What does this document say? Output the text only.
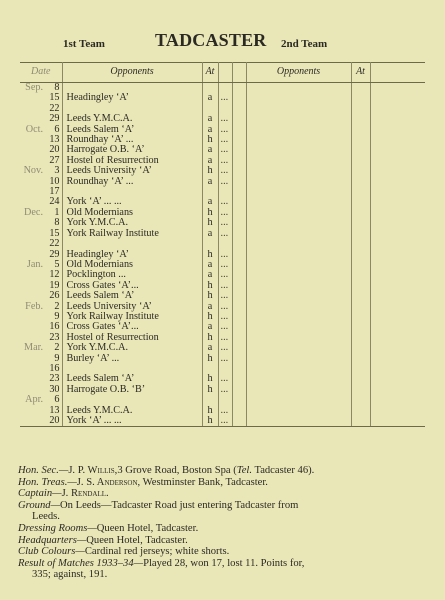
1st Team	TADCASTER 2nd Team
Date		Opponents	At			Opponents	At	
Sep.	8							
	15	Headingley ‘A’	a	...				
	22							
	29	Leeds Y.M.C.A.	a	...				
Oct.	6	Leeds Salem ‘A’	a	...				
	13	Roundhay ‘A’ ...	h	...				
	20	Harrogate O.B. ‘A’	a	...				
	27	Hostel of Resurrection	a	...				
Nov.	3	Leeds University ‘A’	h	...				
	10	Roundhay ‘A’ ...	a	...				
	17							
	24	York ‘A’ ... ...	a	...				
Dec.	1	Old Modernians	h	...				
	8	York Y.M.C.A.	h	...				
	15	York Railway Institute	a	...				
	22							
	29	Headingley ‘A’	h	...				
Jan.	5	Old Modernians	a	...				
	12	Pocklington ...	a	...				
	19	Cross Gates ‘A’...	h	...				
	26	Leeds Salem ‘A’	h	...				
Feb.	2	Leeds University ‘A’	a	...				
	9	York Railway Institute	h	...				
	16	Cross Gates ‘A’...	a	...				
	23	Hostel of Resurrection	h	...				
Mar.	2	York Y.M.C.A.	a	...				
	9	Burley ‘A’ ...	h	...				
	16							
	23	Leeds Salem ‘A’	h	...				
	30	Harrogate O.B. ‘B’	h	...				
Apr.	6							
	13	Leeds Y.M.C.A.	h	...				
	20	York ‘A’ ... ...	h	...				

Hon. Sec.—J. P. Willis,3 Grove Road, Boston Spa (Tel. Tadcaster 46).

Hon. Treas.—J. S. Anderson, Westminster Bank, Tadcaster.

Captain—J. Rendall.

Ground—On Leeds—Tadcaster Road just entering Tadcaster from

Leeds.

Dressing Rooms—Queen Hotel, Tadcaster.

Headquarters—Queen Hotel, Tadcaster.

Club Colours—Cardinal red jerseys; white shorts.

Result of Matches 1933–34—Played 28, won 17, lost 11. Points for,

335; against, 191.
